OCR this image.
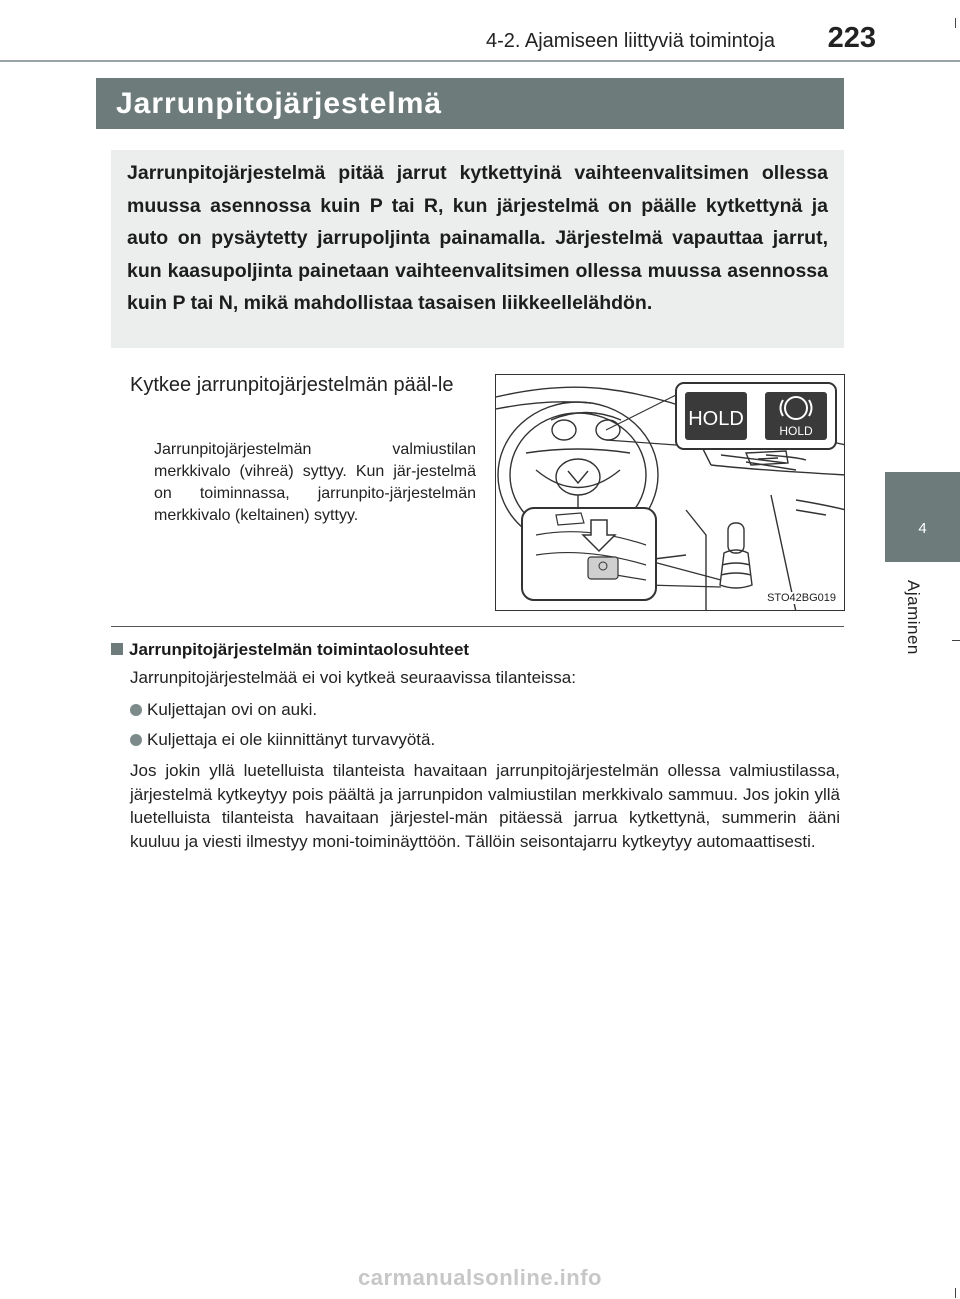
4-2. Ajamiseen liittyviä toimintoja 223
4
Ajaminen
Jarrunpitojärjestelmä

Jarrunpitojärjestelmä pitää jarrut kytkettyinä vaihteenvalitsimen ollessa muussa asennossa kuin P tai R, kun järjestelmä on päälle kytkettynä ja auto on pysäytetty jarrupoljinta painamalla. Järjestelmä vapauttaa jarrut, kun kaasupoljinta painetaan vaihteenvalitsimen ollessa muussa asennossa kuin P tai N, mikä mahdollistaa tasaisen liikkeellelähdön.

Kytkee jarrunpitojärjestelmän pääl-le

Jarrunpitojärjestelmän valmiustilan merkkivalo (vihreä) syttyy. Kun jär-jestelmä on toiminnassa, jarrunpito-järjestelmän merkkivalo (keltainen) syttyy.

HOLD
HOLD
STO42BG019
Jarrunpitojärjestelmän toimintaolosuhteet
Jarrunpitojärjestelmää ei voi kytkeä seuraavissa tilanteissa:
Kuljettajan ovi on auki.
Kuljettaja ei ole kiinnittänyt turvavyötä.

Jos jokin yllä luetelluista tilanteista havaitaan jarrunpitojärjestelmän ollessa valmiustilassa, järjestelmä kytkeytyy pois päältä ja jarrunpidon valmiustilan merkkivalo sammuu. Jos jokin yllä luetelluista tilanteista havaitaan järjestel-män pitäessä jarrua kytkettynä, summerin ääni kuuluu ja viesti ilmestyy moni-toiminäyttöön. Tällöin seisontajarru kytkeytyy automaattisesti.

carmanualsonline.info
